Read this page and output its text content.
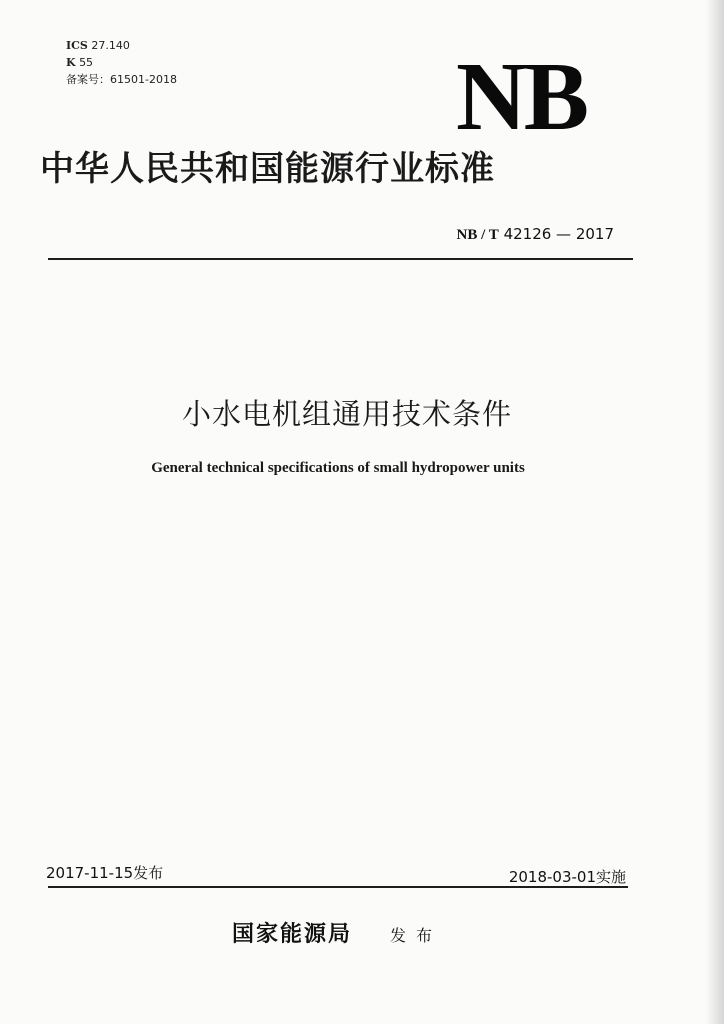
ICS 27.140
K 55
备案号：61501-2018	NB
中华人民共和国能源行业标准
NB / T 42126 — 2017
小水电机组通用技术条件
General technical specifications of small hydropower units
2017-11-15发布	2018-03-01实施
国家能源局 发布
